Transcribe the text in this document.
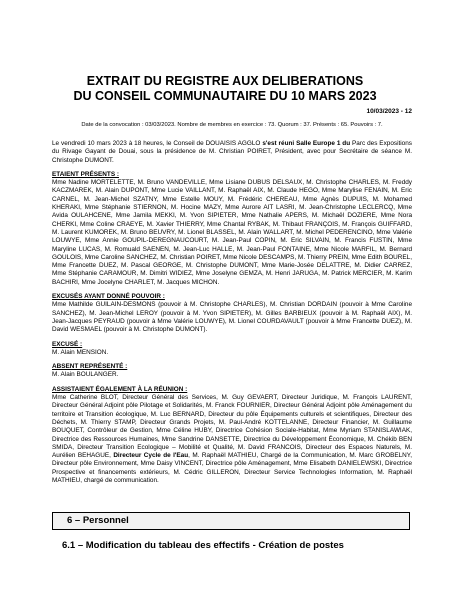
EXTRAIT DU REGISTRE AUX DELIBERATIONS
DU CONSEIL COMMUNAUTAIRE DU 10 MARS 2023
10/03/2023 - 12
Date de la convocation : 03/03/2023. Nombre de membres en exercice : 73. Quorum : 37. Présents : 65. Pouvoirs : 7.

Le vendredi 10 mars 2023 à 18 heures, le Conseil de DOUAISIS AGGLO s'est réuni Salle Europe 1 du Parc des Expositions du Rivage Gayant de Douai, sous la présidence de M. Christian POIRET, Président, avec pour Secrétaire de séance M. Christophe DUMONT.

ETAIENT PRÉSENTS :

Mme Nadine MORTELETTE, M. Bruno VANDEVILLE, Mme Lisiane DUBUS DELSAUX, M. Christophe CHARLES, M. Freddy KACZMAREK, M. Alain DUPONT, Mme Lucie VAILLANT, M. Raphaël AIX, M. Claude HEGO, Mme Marylise FENAIN, M. Eric CARNEL, M. Jean-Michel SZATNY, Mme Estelle MOUY, M. Frédéric CHEREAU, Mme Agnès DUPUIS, M. Mohamed KHERAKI, Mme Stéphanie STIERNON, M. Hocine MAZY, Mme Aurore AIT LASRI, M. Jean-Christophe LECLERCQ, Mme Avida OULAHCENE, Mme Jamila MEKKI, M. Yvon SIPIETER, Mme Nathalie APERS, M. Michaël DOZIERE, Mme Nora CHERKI, Mme Coline CRAEYE, M. Xavier THIERRY, Mme Chantal RYBAK, M. Thibaut FRANÇOIS, M. François GUIFFARD, M. Laurent KUMOREK, M. Bruno BEUVRY, M. Lionel BLASSEL, M. Alain WALLART, M. Michel PEDERENCINO, Mme Valérie LOUWYE, Mme Annie GOUPIL-DEREGNAUCOURT, M. Jean-Paul COPIN, M. Eric SILVAIN, M. Francis FUSTIN, Mme Maryline LUCAS, M. Romuald SAENEN, M. Jean-Luc HALLE, M. Jean-Paul FONTAINE, Mme Nicole MARFIL, M. Bernard GOULOIS, Mme Caroline SANCHEZ, M. Christian POIRET, Mme Nicole DESCAMPS, M. Thierry PREIN, Mme Edith BOUREL, Mme Francette DUEZ, M. Pascal GEORGE, M. Christophe DUMONT, Mme Marie-Josée DELATTRE, M. Didier CARREZ, Mme Stéphanie CARAMOUR, M. Dimitri WIDIEZ, Mme Joselyne GEMZA, M. Henri JARUGA, M. Patrick MERCIER, M. Karim BACHIRI, Mme Jocelyne CHARLET, M. Jacques MICHON.

EXCUSÉS AYANT DONNÉ POUVOIR :

Mme Mathilde GUILAIN-DESMONS (pouvoir à M. Christophe CHARLES), M. Christian DORDAIN (pouvoir à Mme Caroline SANCHEZ), M. Jean-Michel LEROY (pouvoir à M. Yvon SIPIETER), M. Gilles BARBIEUX (pouvoir à M. Raphaël AIX), M. Jean-Jacques PEYRAUD (pouvoir à Mme Valérie LOUWYE), M. Lionel COURDAVAULT (pouvoir à Mme Francette DUEZ), M. David WESMAEL (pouvoir à M. Christophe DUMONT).

EXCUSÉ :

M. Alain MENSION.

ABSENT REPRÉSENTÉ :

M. Alain BOULANGER.

ASSISTAIENT ÉGALEMENT À LA RÉUNION :

Mme Catherine BLOT, Directeur Général des Services, M. Guy GEVAERT, Directeur Juridique, M. François LAURENT, Directeur Général Adjoint pôle Pilotage et Solidarités, M. Franck FOURNIER, Directeur Général Adjoint pôle Aménagement du territoire et Transition écologique, M. Luc BERNARD, Directeur du pôle Équipements culturels et scientifiques, Directeur des Déchets, M. Thierry STAMP, Directeur Grands Projets, M. Paul-André KOTTELANNE, Directeur Financier, M. Guillaume BOUQUET, Contrôleur de Gestion, Mme Céline HUBY, Directrice Cohésion Sociale-Habitat, Mme Myriam STANISLAWIAK, Directrice des Ressources Humaines, Mme Sandrine DANSETTE, Directrice du Développement Économique, M. Chékib BEN SMIDA, Directeur Transition Ecologique – Mobilité et Qualité, M. David FRANCOIS, Directeur des Espaces Naturels, M. Aurélien BEHAGUE, Directeur Cycle de l'Eau, M. Raphaël MATHIEU, Chargé de la Communication, M. Marc GROBELNY, Directeur pôle Environnement, Mme Daisy VINCENT, Directrice pôle Aménagement, Mme Elisabeth DANIELEWSKI, Directrice Prospective et financements extérieurs, M. Cédric GILLERON, Directeur Service Technologies Information, M. Raphaël MATHIEU, chargé de communication.

6 – Personnel
6.1 – Modification du tableau des effectifs - Création de postes
